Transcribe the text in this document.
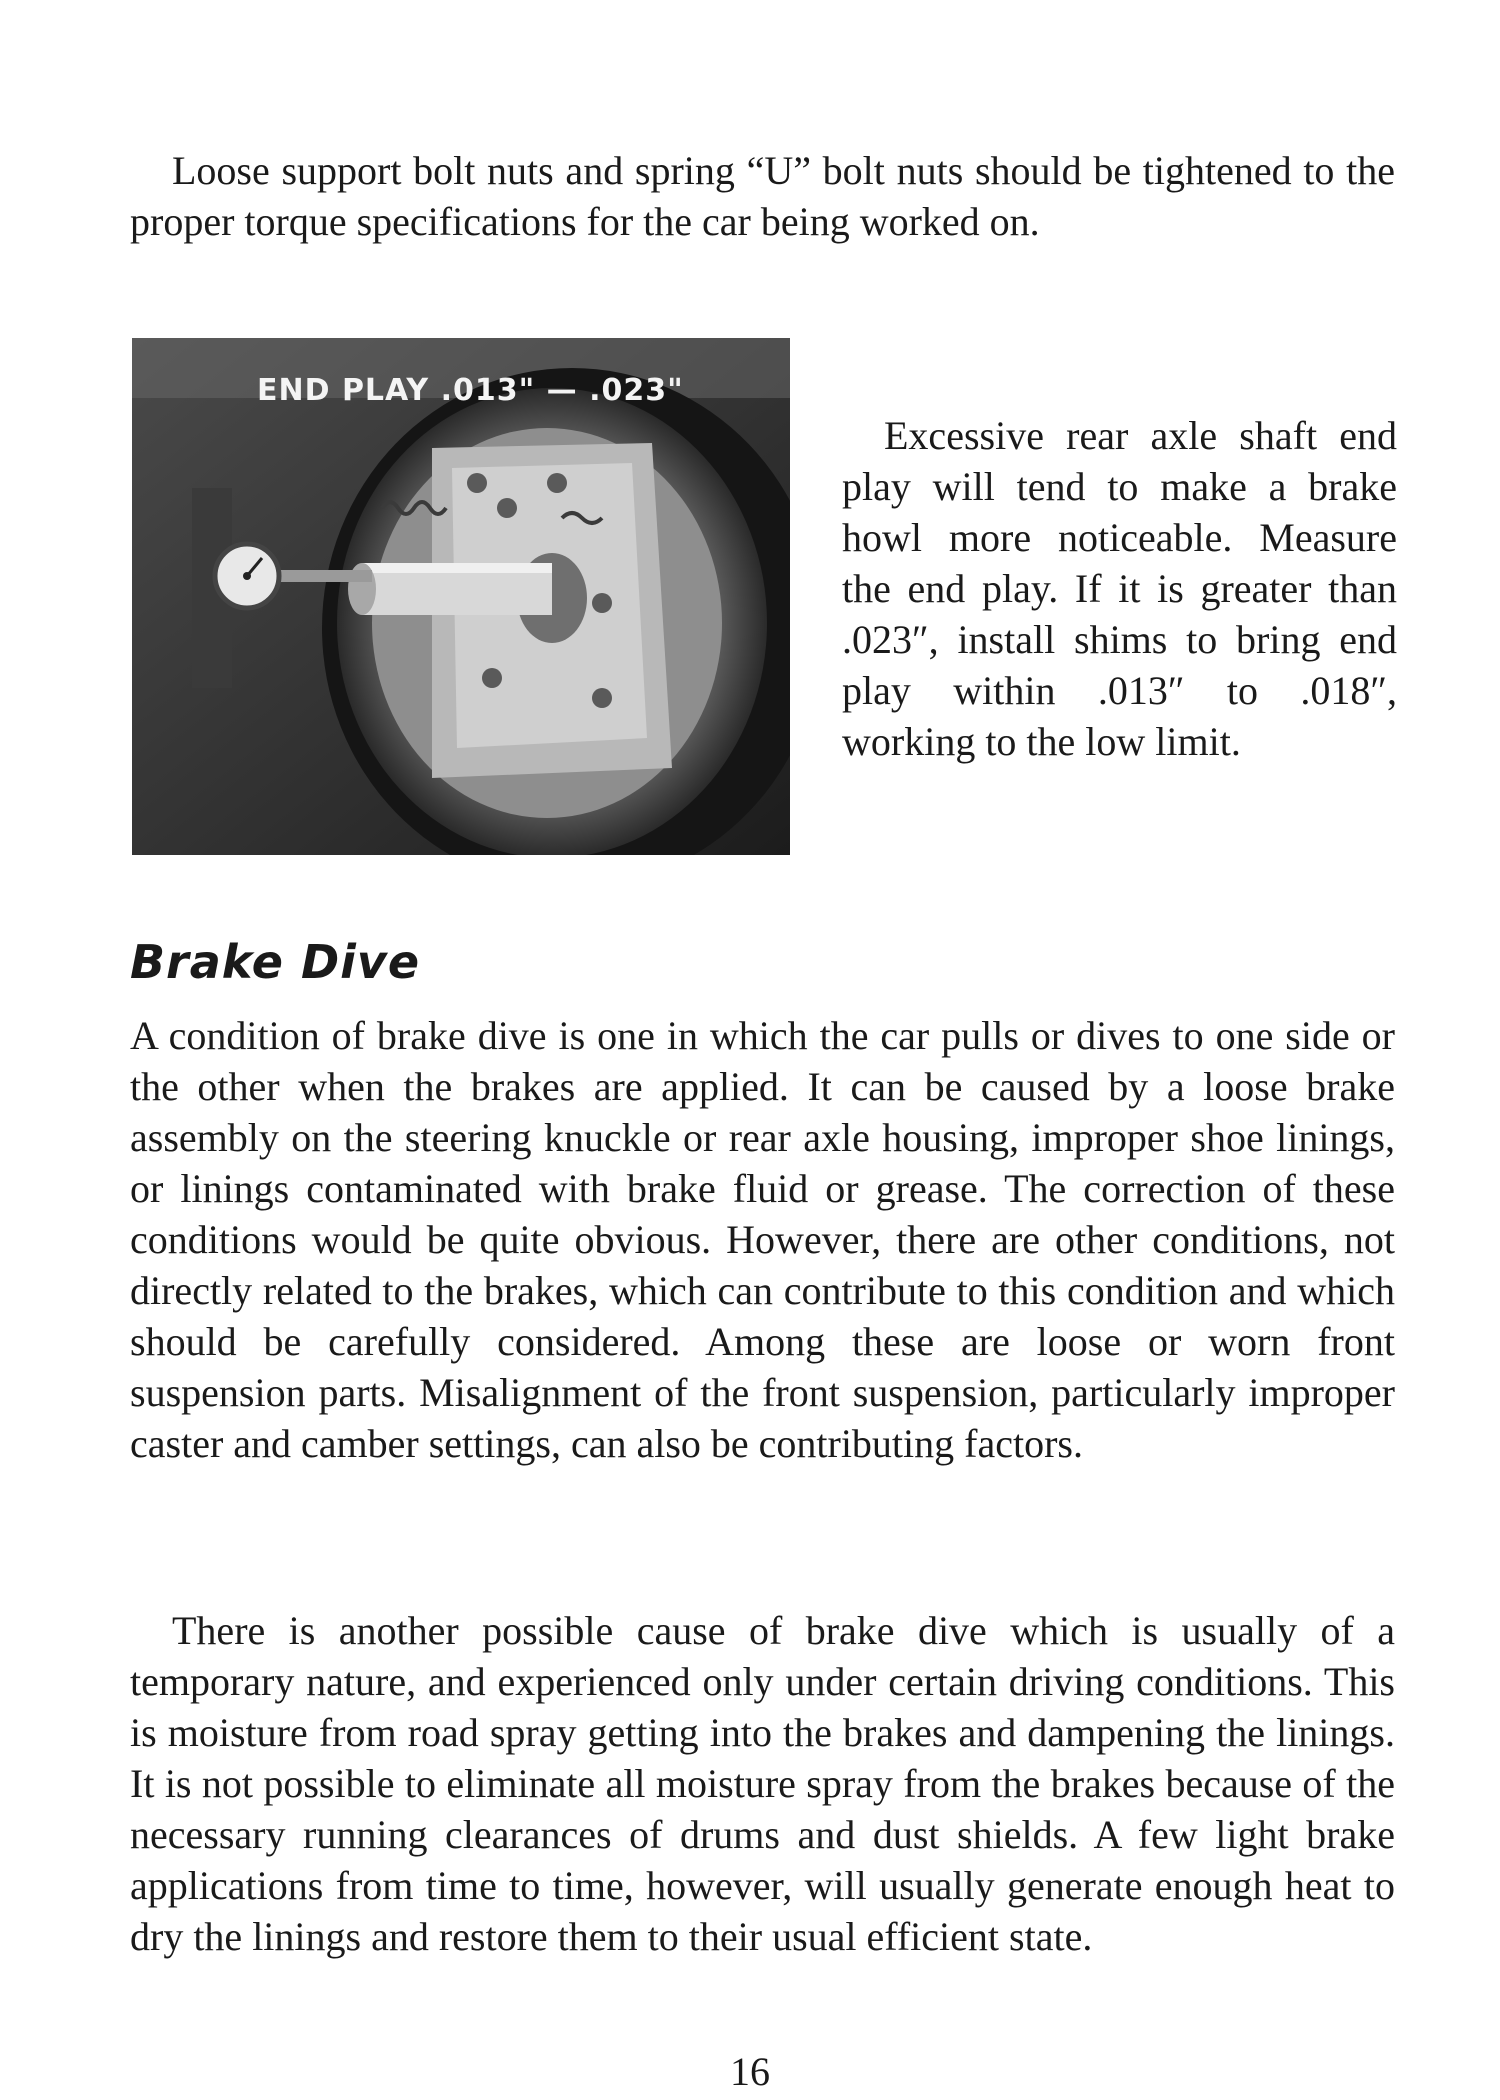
Loose support bolt nuts and spring “U” bolt nuts should be tightened to the proper torque specifications for the car being worked on.

END PLAY .013" — .023"

Excessive rear axle shaft end play will tend to make a brake howl more noticeable. Measure the end play. If it is greater than .023″, install shims to bring end play within .013″ to .018″, working to the low limit.

Brake Dive

A condition of brake dive is one in which the car pulls or dives to one side or the other when the brakes are applied. It can be caused by a loose brake assembly on the steering knuckle or rear axle housing, improper shoe linings, or linings contaminated with brake fluid or grease. The correction of these conditions would be quite obvious. However, there are other conditions, not directly related to the brakes, which can contribute to this condition and which should be carefully considered. Among these are loose or worn front suspension parts. Misalignment of the front suspension, particularly improper caster and camber settings, can also be contributing factors.

There is another possible cause of brake dive which is usually of a temporary nature, and experienced only under certain driving conditions. This is moisture from road spray getting into the brakes and dampening the linings. It is not possible to eliminate all moisture spray from the brakes because of the necessary running clearances of drums and dust shields. A few light brake applications from time to time, however, will usually generate enough heat to dry the linings and restore them to their usual efficient state.

16
